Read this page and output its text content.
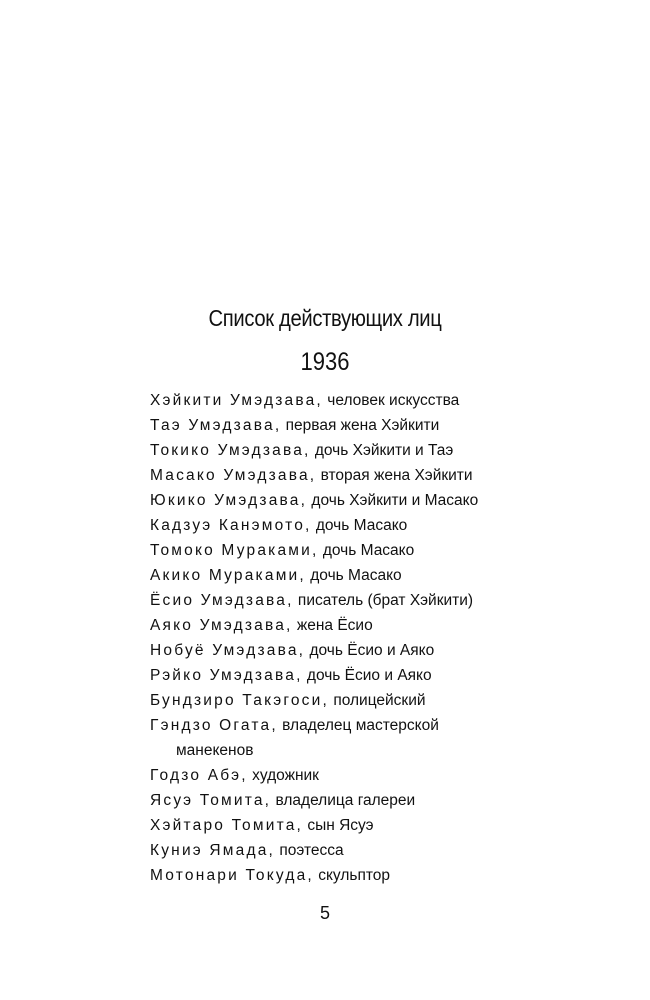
Список действующих лиц
1936
Хэйкити Умэдзава, человек искусства
Таэ Умэдзава, первая жена Хэйкити
Токико Умэдзава, дочь Хэйкити и Таэ
Масако Умэдзава, вторая жена Хэйкити
Юкико Умэдзава, дочь Хэйкити и Масако
Кадзуэ Канэмото, дочь Масако
Томоко Мураками, дочь Масако
Акико Мураками, дочь Масако
Ёсио Умэдзава, писатель (брат Хэйкити)
Аяко Умэдзава, жена Ёсио
Нобуё Умэдзава, дочь Ёсио и Аяко
Рэйко Умэдзава, дочь Ёсио и Аяко
Бундзиро Такэгоси, полицейский
Гэндзо Огата, владелец мастерской
манекенов
Годзо Абэ, художник
Ясуэ Томита, владелица галереи
Хэйтаро Томита, сын Ясуэ
Куниэ Ямада, поэтесса
Мотонари Токуда, скульптор
5
